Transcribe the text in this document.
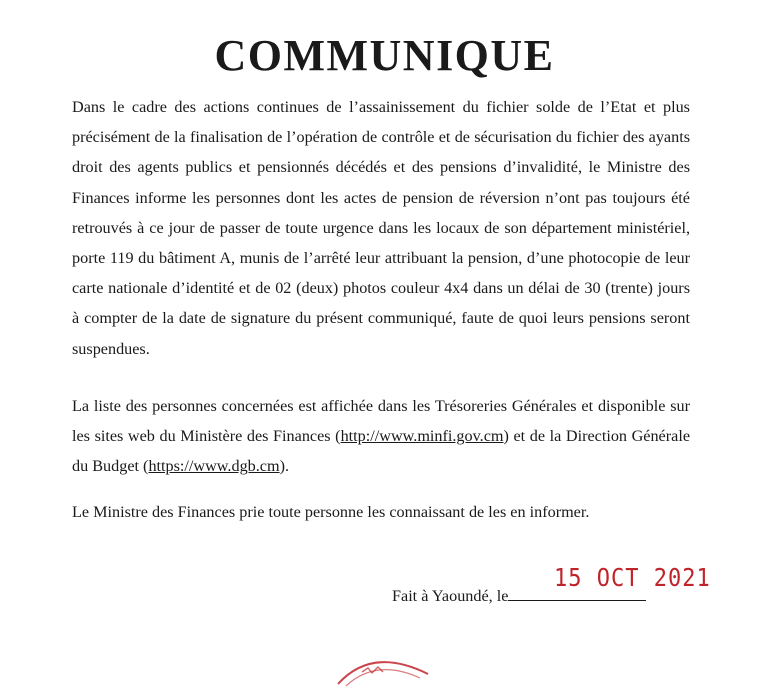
COMMUNIQUE

Dans le cadre des actions continues de l’assainissement du fichier solde de l’Etat et plus précisément de la finalisation de l’opération de contrôle et de sécurisation du fichier des ayants droit des agents publics et pensionnés décédés et des pensions d’invalidité, le Ministre des Finances informe les personnes dont les actes de pension de réversion n’ont pas toujours été retrouvés à ce jour de passer de toute urgence dans les locaux de son département ministériel, porte 119 du bâtiment A, munis de l’arrêté leur attribuant la pension, d’une photocopie de leur carte nationale d’identité et de 02 (deux) photos couleur 4x4 dans un délai de 30 (trente) jours à compter de la date de signature du présent communiqué, faute de quoi leurs pensions seront suspendues.

La liste des personnes concernées est affichée dans les Trésoreries Générales et disponible sur les sites web du Ministère des Finances (http://www.minfi.gov.cm) et de la Direction Générale du Budget (https://www.dgb.cm).

Le Ministre des Finances prie toute personne les connaissant de les en informer.

Fait à Yaoundé, le
15 OCT 2021
